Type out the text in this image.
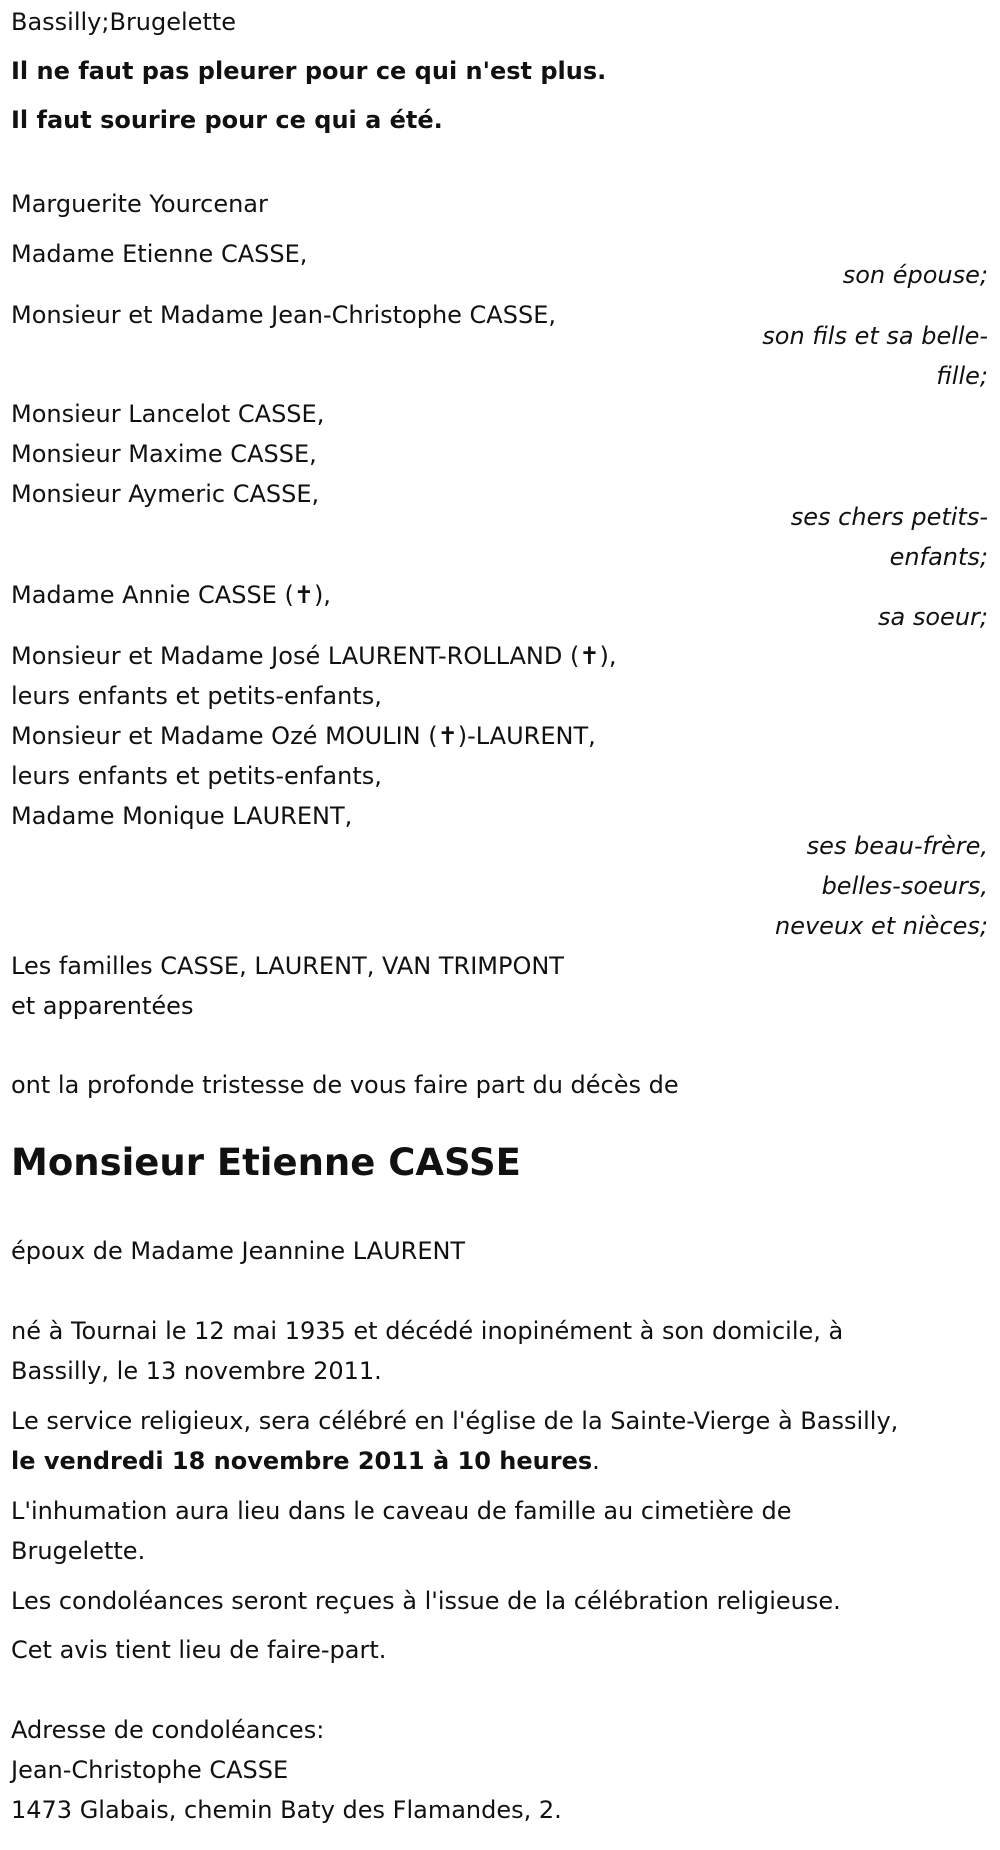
Bassilly;Brugelette
Il ne faut pas pleurer pour ce qui n'est plus.
Il faut sourire pour ce qui a été.
Marguerite Yourcenar
Madame Etienne CASSE,
son épouse;
Monsieur et Madame Jean-Christophe CASSE,
son fils et sa belle-fille;
Monsieur Lancelot CASSE,
Monsieur Maxime CASSE,
Monsieur Aymeric CASSE,
ses chers petits-enfants;
Madame Annie CASSE (✝),
sa soeur;
Monsieur et Madame José LAURENT-ROLLAND (✝),
leurs enfants et petits-enfants,
Monsieur et Madame Ozé MOULIN (✝)-LAURENT,
leurs enfants et petits-enfants,
Madame Monique LAURENT,
ses beau-frère,
belles-soeurs,
neveux et nièces;
Les familles CASSE, LAURENT, VAN TRIMPONT
et apparentées
ont la profonde tristesse de vous faire part du décès de
Monsieur Etienne CASSE
époux de Madame Jeannine LAURENT
né à Tournai le 12 mai 1935 et décédé inopinément à son domicile, à
Bassilly, le 13 novembre 2011.
Le service religieux, sera célébré en l'église de la Sainte-Vierge à Bassilly,
le vendredi 18 novembre 2011 à 10 heures.
L'inhumation aura lieu dans le caveau de famille au cimetière de
Brugelette.
Les condoléances seront reçues à l'issue de la célébration religieuse.
Cet avis tient lieu de faire-part.
Adresse de condoléances:
Jean-Christophe CASSE
1473 Glabais, chemin Baty des Flamandes, 2.
